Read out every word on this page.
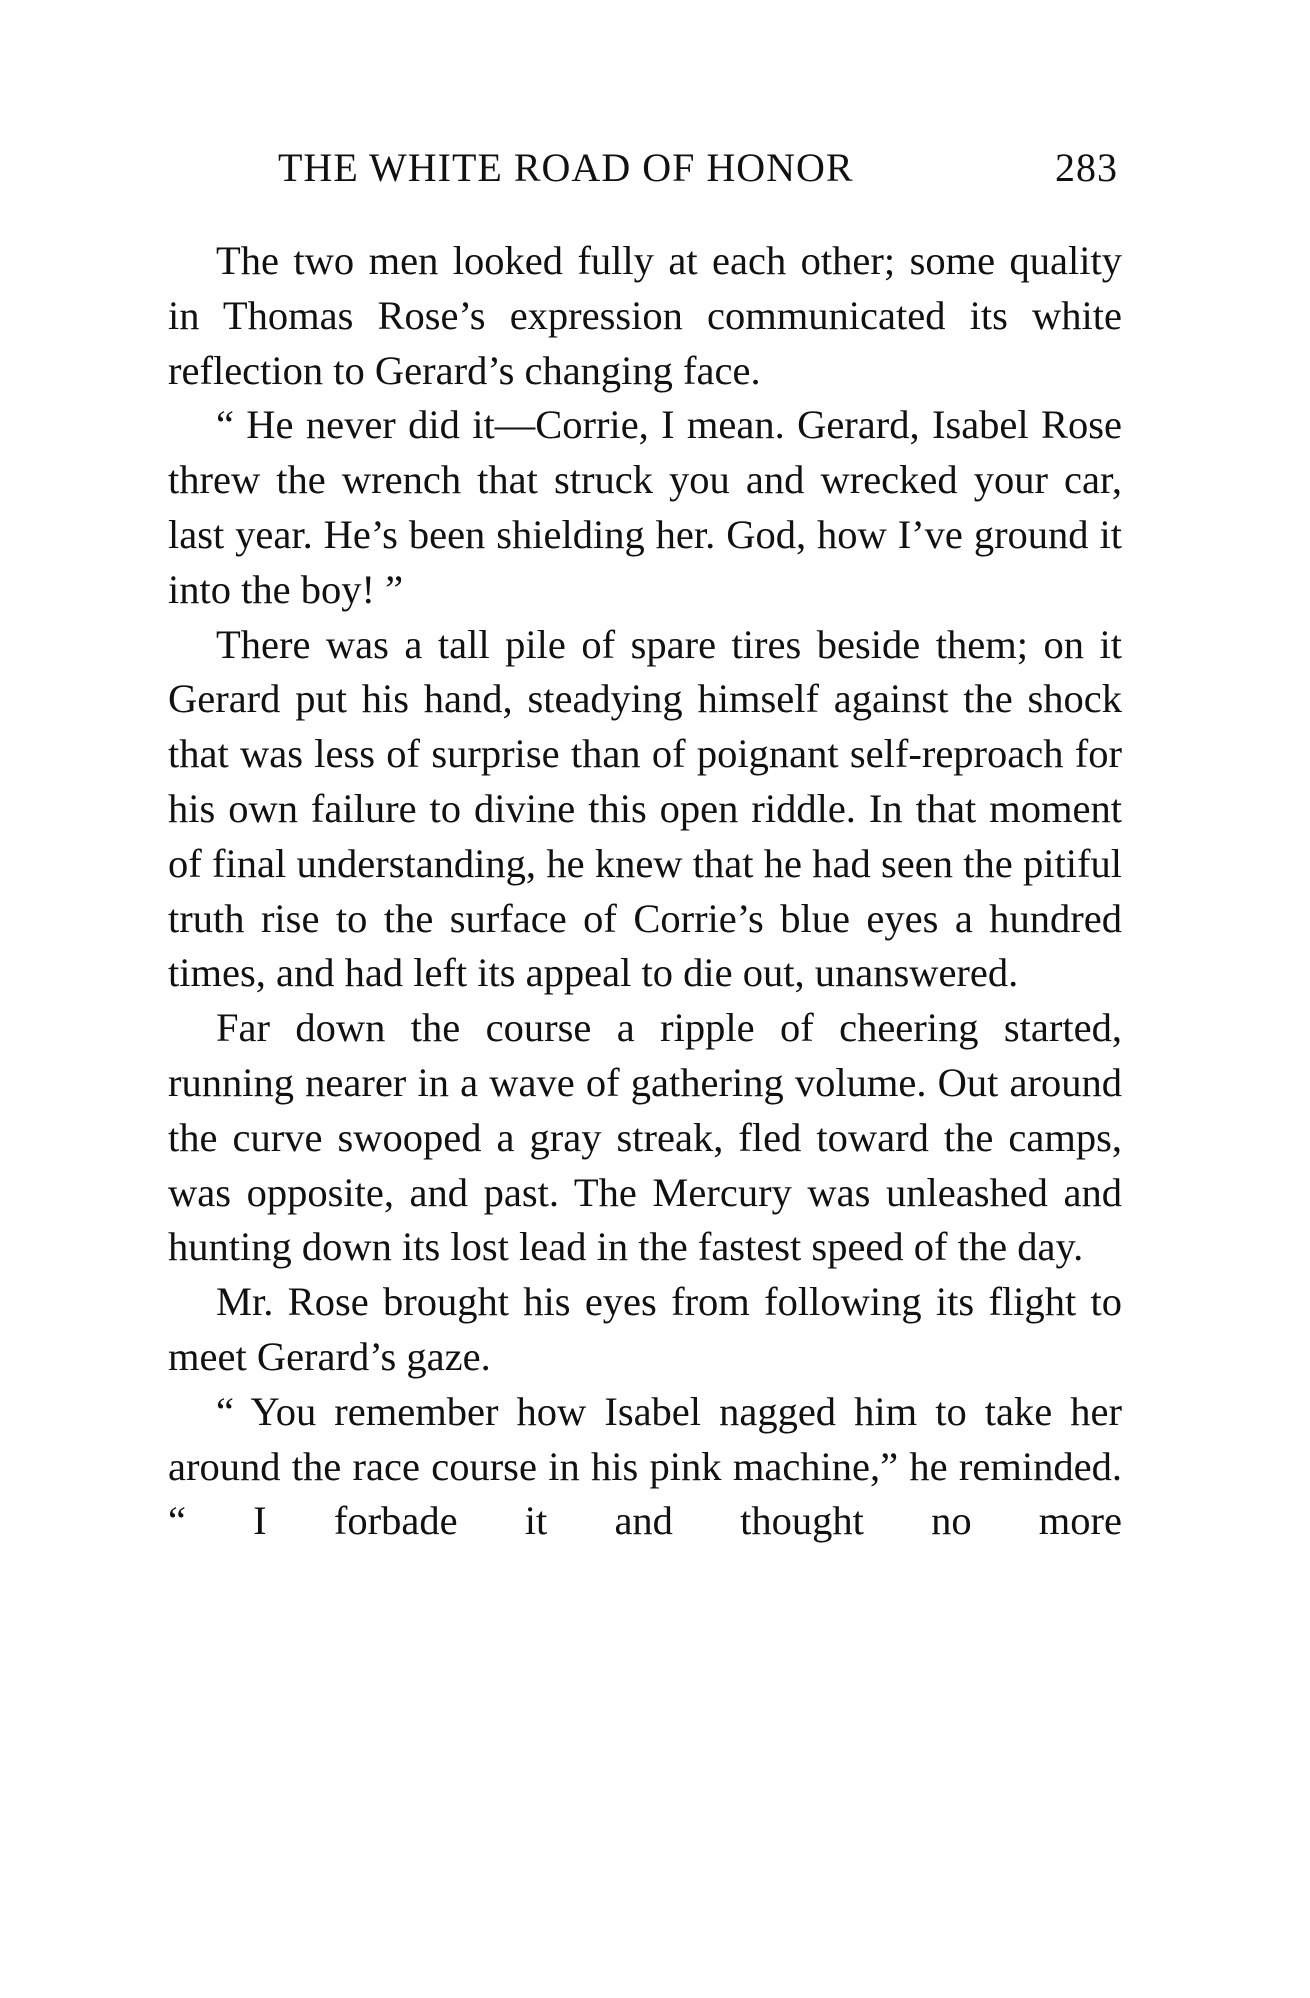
THE WHITE ROAD OF HONOR	283

The two men looked fully at each other; some quality in Thomas Rose’s expression communicated its white reflection to Gerard’s changing face.

“ He never did it—Corrie, I mean. Gerard, Isabel Rose threw the wrench that struck you and wrecked your car, last year. He’s been shielding her. God, how I’ve ground it into the boy! ”

There was a tall pile of spare tires beside them; on it Gerard put his hand, steadying himself against the shock that was less of surprise than of poignant self-reproach for his own failure to divine this open riddle. In that moment of final understanding, he knew that he had seen the pitiful truth rise to the surface of Corrie’s blue eyes a hundred times, and had left its appeal to die out, unanswered.

Far down the course a ripple of cheering started, running nearer in a wave of gathering volume. Out around the curve swooped a gray streak, fled toward the camps, was opposite, and past. The Mercury was unleashed and hunting down its lost lead in the fastest speed of the day.

Mr. Rose brought his eyes from following its flight to meet Gerard’s gaze.

“ You remember how Isabel nagged him to take her around the race course in his pink machine,” he reminded. “ I forbade it and thought no more
